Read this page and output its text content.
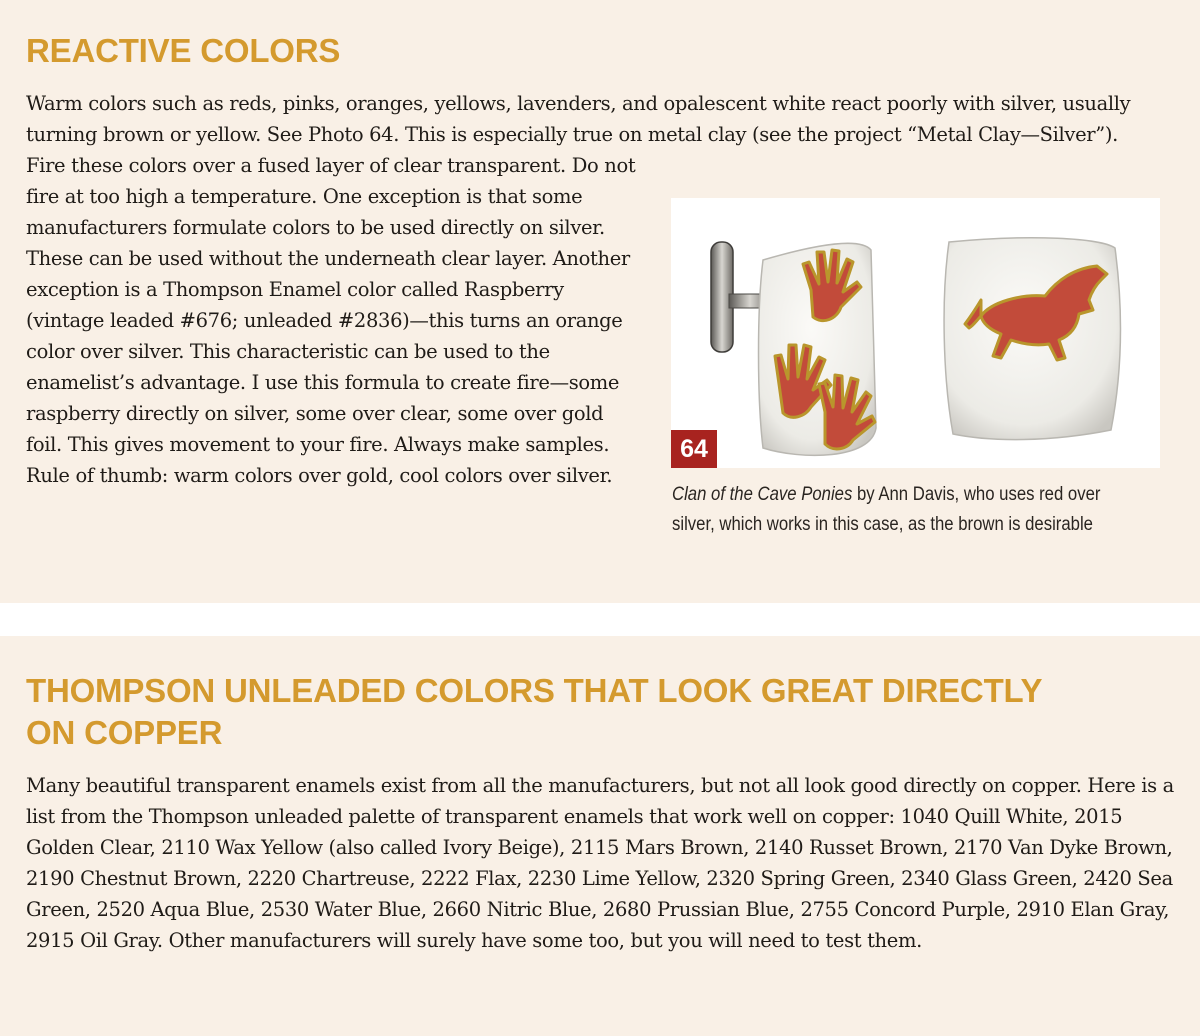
REACTIVE COLORS

Warm colors such as reds, pinks, oranges, yellows, lavenders, and opalescent white react poorly with silver, usually turning brown or yellow. See Photo 64. This is especially true on metal clay (see the project “Metal Clay—Silver”).

Fire these colors over a fused layer of clear transparent. Do not fire at too high a temperature. One exception is that some manufacturers formulate colors to be used directly on silver. These can be used without the underneath clear layer. Another exception is a Thompson Enamel color called Raspberry (vintage leaded #676; unleaded #2836)—this turns an orange color over silver. This characteristic can be used to the enamelist’s advantage. I use this formula to create fire—some raspberry directly on silver, some over clear, some over gold foil. This gives movement to your fire. Always make samples. Rule of thumb: warm colors over gold, cool colors over silver.

64
Clan of the Cave Ponies by Ann Davis, who uses red over
silver, which works in this case, as the brown is desirable
THOMPSON UNLEADED COLORS THAT LOOK GREAT DIRECTLY
ON COPPER

Many beautiful transparent enamels exist from all the manufacturers, but not all look good directly on copper. Here is a list from the Thompson unleaded palette of transparent enamels that work well on copper: 1040 Quill White, 2015 Golden Clear, 2110 Wax Yellow (also called Ivory Beige), 2115 Mars Brown, 2140 Russet Brown, 2170 Van Dyke Brown, 2190 Chestnut Brown, 2220 Chartreuse, 2222 Flax, 2230 Lime Yellow, 2320 Spring Green, 2340 Glass Green, 2420 Sea Green, 2520 Aqua Blue, 2530 Water Blue, 2660 Nitric Blue, 2680 Prussian Blue, 2755 Concord Purple, 2910 Elan Gray, 2915 Oil Gray. Other manufacturers will surely have some too, but you will need to test them.
